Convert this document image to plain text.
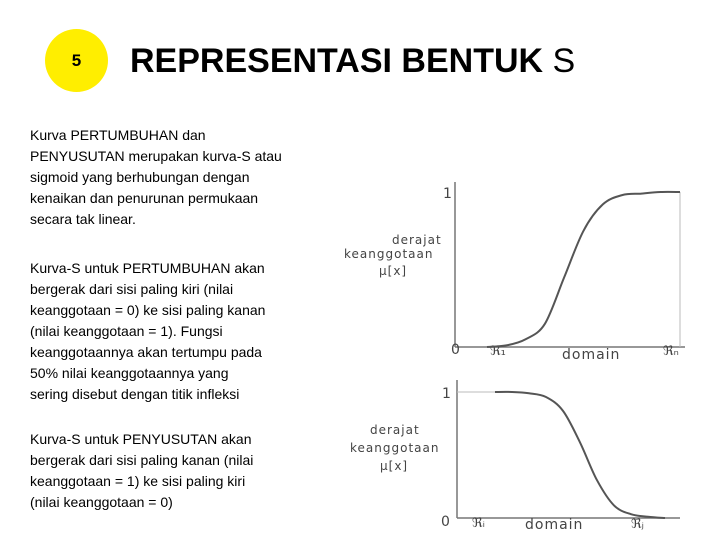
5 REPRESENTASI BENTUK S

Kurva PERTUMBUHAN dan
PENYUSUTAN merupakan kurva-S atau
sigmoid yang berhubungan dengan
kenaikan dan penurunan permukaan
secara tak linear.

Kurva-S untuk PERTUMBUHAN akan
bergerak dari sisi paling kiri (nilai
keanggotaan = 0) ke sisi paling kanan
(nilai keanggotaan = 1). Fungsi
keanggotaannya akan tertumpu pada
50% nilai keanggotaannya yang
sering disebut dengan titik infleksi

Kurva-S untuk PENYUSUTAN akan
bergerak dari sisi paling kanan (nilai
keanggotaan = 1) ke sisi paling kiri
(nilai keanggotaan = 0)

1
0
derajat
keanggotaan
μ[x]
ℜ₁	domain	ℜₙ
1
0
derajat
keanggotaan
μ[x]
ℜᵢ	domain	ℜⱼ
